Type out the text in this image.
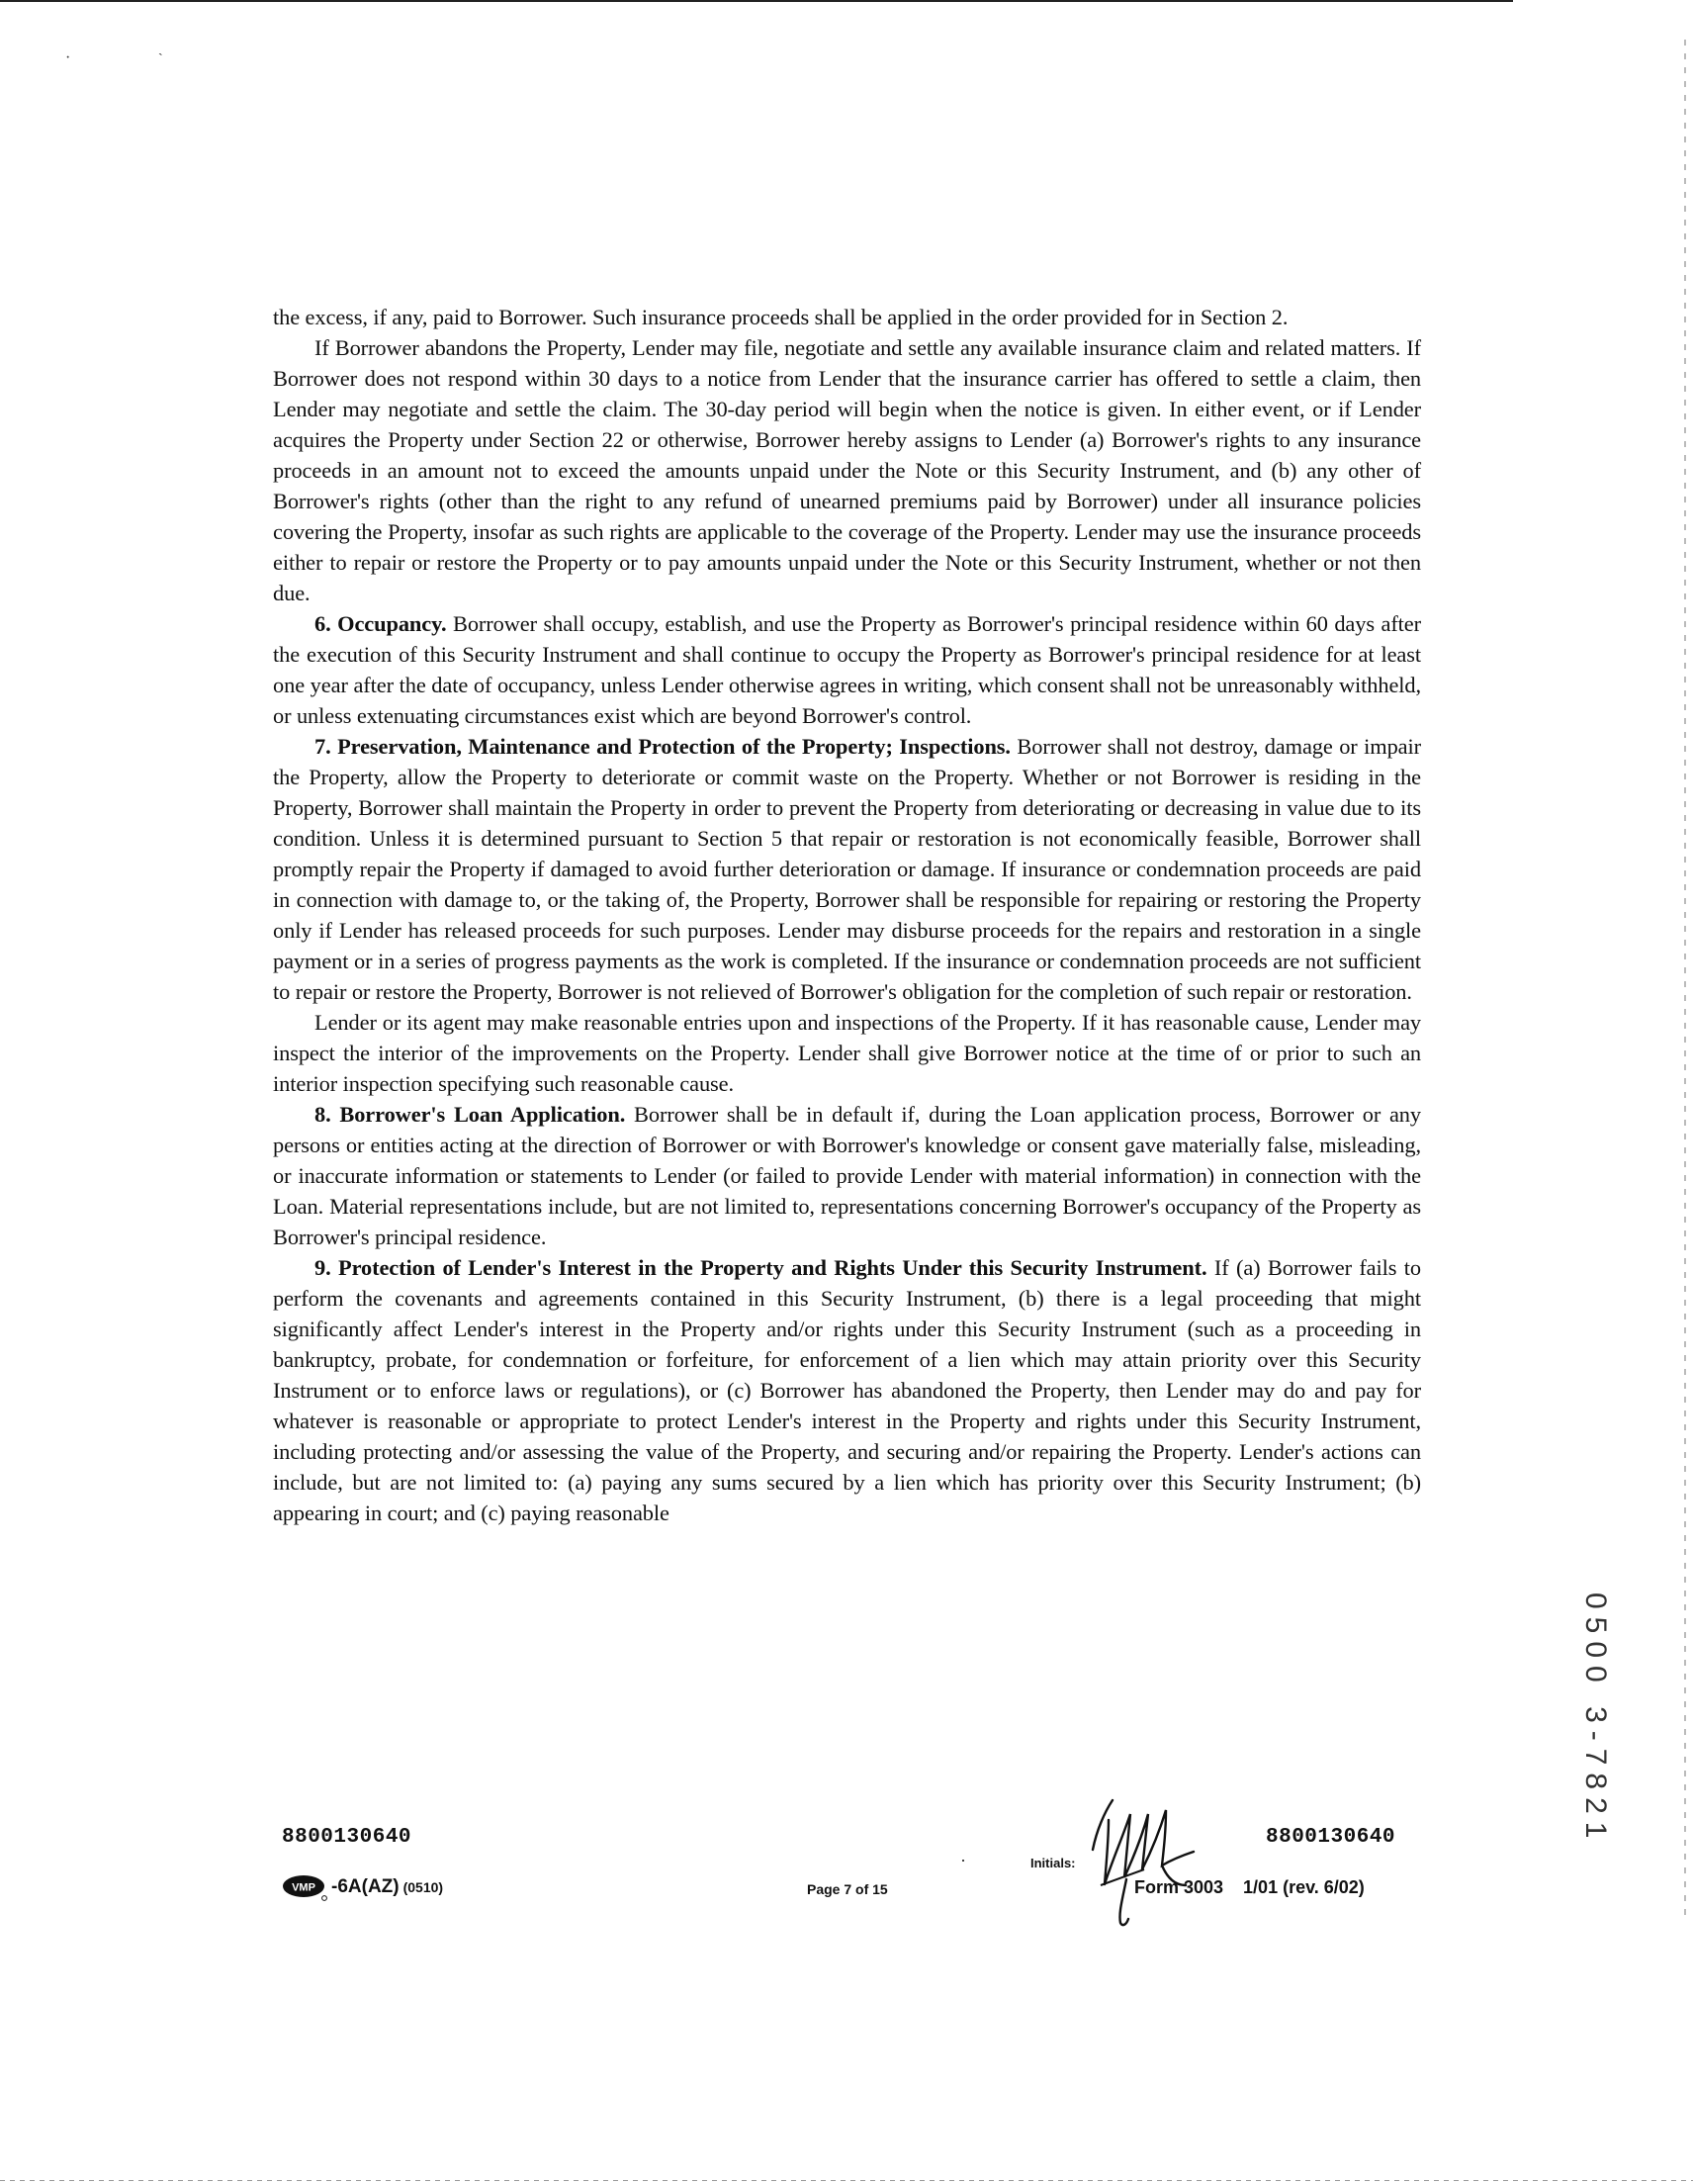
·
ˎ

the excess, if any, paid to Borrower. Such insurance proceeds shall be applied in the order provided for in Section 2.

If Borrower abandons the Property, Lender may file, negotiate and settle any available insurance claim and related matters. If Borrower does not respond within 30 days to a notice from Lender that the insurance carrier has offered to settle a claim, then Lender may negotiate and settle the claim. The 30-day period will begin when the notice is given. In either event, or if Lender acquires the Property under Section 22 or otherwise, Borrower hereby assigns to Lender (a) Borrower's rights to any insurance proceeds in an amount not to exceed the amounts unpaid under the Note or this Security Instrument, and (b) any other of Borrower's rights (other than the right to any refund of unearned premiums paid by Borrower) under all insurance policies covering the Property, insofar as such rights are applicable to the coverage of the Property. Lender may use the insurance proceeds either to repair or restore the Property or to pay amounts unpaid under the Note or this Security Instrument, whether or not then due.

6. Occupancy. Borrower shall occupy, establish, and use the Property as Borrower's principal residence within 60 days after the execution of this Security Instrument and shall continue to occupy the Property as Borrower's principal residence for at least one year after the date of occupancy, unless Lender otherwise agrees in writing, which consent shall not be unreasonably withheld, or unless extenuating circumstances exist which are beyond Borrower's control.

7. Preservation, Maintenance and Protection of the Property; Inspections. Borrower shall not destroy, damage or impair the Property, allow the Property to deteriorate or commit waste on the Property. Whether or not Borrower is residing in the Property, Borrower shall maintain the Property in order to prevent the Property from deteriorating or decreasing in value due to its condition. Unless it is determined pursuant to Section 5 that repair or restoration is not economically feasible, Borrower shall promptly repair the Property if damaged to avoid further deterioration or damage. If insurance or condemnation proceeds are paid in connection with damage to, or the taking of, the Property, Borrower shall be responsible for repairing or restoring the Property only if Lender has released proceeds for such purposes. Lender may disburse proceeds for the repairs and restoration in a single payment or in a series of progress payments as the work is completed. If the insurance or condemnation proceeds are not sufficient to repair or restore the Property, Borrower is not relieved of Borrower's obligation for the completion of such repair or restoration.

Lender or its agent may make reasonable entries upon and inspections of the Property. If it has reasonable cause, Lender may inspect the interior of the improvements on the Property. Lender shall give Borrower notice at the time of or prior to such an interior inspection specifying such reasonable cause.

8. Borrower's Loan Application. Borrower shall be in default if, during the Loan application process, Borrower or any persons or entities acting at the direction of Borrower or with Borrower's knowledge or consent gave materially false, misleading, or inaccurate information or statements to Lender (or failed to provide Lender with material information) in connection with the Loan. Material representations include, but are not limited to, representations concerning Borrower's occupancy of the Property as Borrower's principal residence.

9. Protection of Lender's Interest in the Property and Rights Under this Security Instrument. If (a) Borrower fails to perform the covenants and agreements contained in this Security Instrument, (b) there is a legal proceeding that might significantly affect Lender's interest in the Property and/or rights under this Security Instrument (such as a proceeding in bankruptcy, probate, for condemnation or forfeiture, for enforcement of a lien which may attain priority over this Security Instrument or to enforce laws or regulations), or (c) Borrower has abandoned the Property, then Lender may do and pay for whatever is reasonable or appropriate to protect Lender's interest in the Property and rights under this Security Instrument, including protecting and/or assessing the value of the Property, and securing and/or repairing the Property. Lender's actions can include, but are not limited to: (a) paying any sums secured by a lien which has priority over this Security Instrument; (b) appearing in court; and (c) paying reasonable

8800130640	8800130640
VMP -6A(AZ) (0510)	Page 7 of 15
Initials:
Form 3003 1/01 (rev. 6/02)
0500 3-7821
